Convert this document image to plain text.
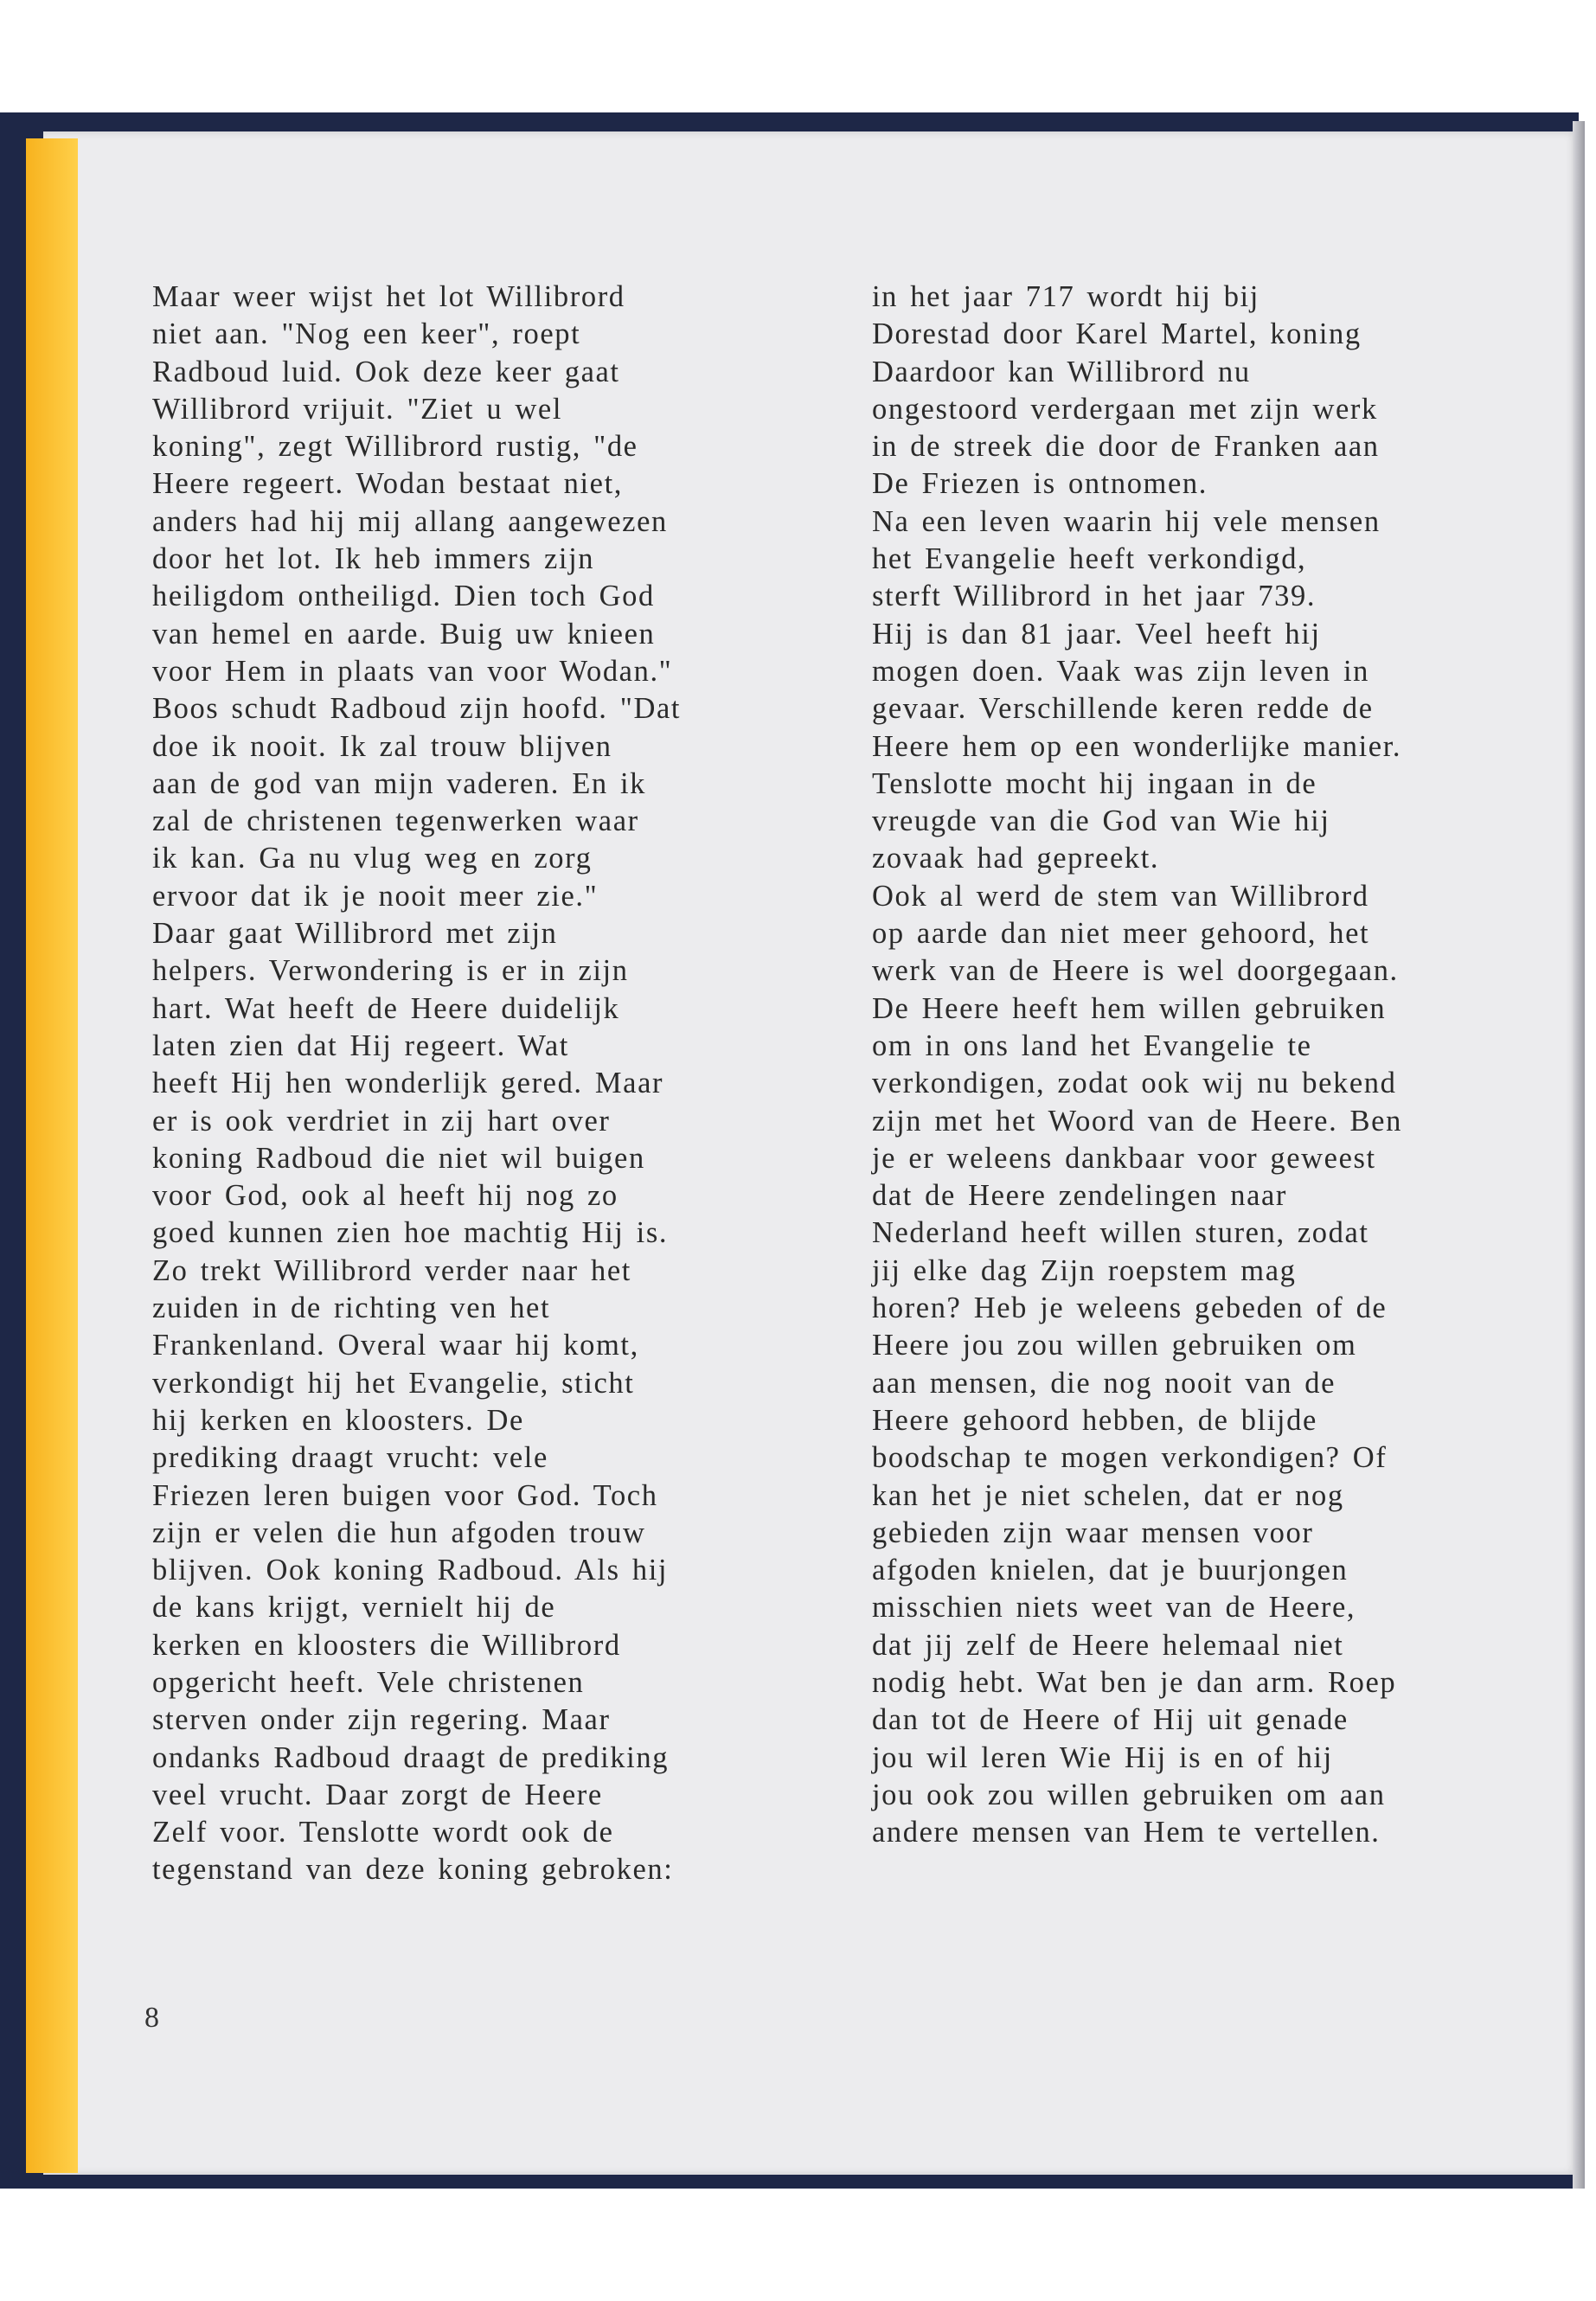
Maar weer wijst het lot Willibrord
niet aan. "Nog een keer", roept
Radboud luid. Ook deze keer gaat
Willibrord vrijuit. "Ziet u wel
koning", zegt Willibrord rustig, "de
Heere regeert. Wodan bestaat niet,
anders had hij mij allang aangewezen
door het lot. Ik heb immers zijn
heiligdom ontheiligd. Dien toch God
van hemel en aarde. Buig uw knieen
voor Hem in plaats van voor Wodan."
Boos schudt Radboud zijn hoofd. "Dat
doe ik nooit. Ik zal trouw blijven
aan de god van mijn vaderen. En ik
zal de christenen tegenwerken waar
ik kan. Ga nu vlug weg en zorg
ervoor dat ik je nooit meer zie."
Daar gaat Willibrord met zijn
helpers. Verwondering is er in zijn
hart. Wat heeft de Heere duidelijk
laten zien dat Hij regeert. Wat
heeft Hij hen wonderlijk gered. Maar
er is ook verdriet in zij hart over
koning Radboud die niet wil buigen
voor God, ook al heeft hij nog zo
goed kunnen zien hoe machtig Hij is.
Zo trekt Willibrord verder naar het
zuiden in de richting ven het
Frankenland. Overal waar hij komt,
verkondigt hij het Evangelie, sticht
hij kerken en kloosters. De
prediking draagt vrucht: vele
Friezen leren buigen voor God. Toch
zijn er velen die hun afgoden trouw
blijven. Ook koning Radboud. Als hij
de kans krijgt, vernielt hij de
kerken en kloosters die Willibrord
opgericht heeft. Vele christenen
sterven onder zijn regering. Maar
ondanks Radboud draagt de prediking
veel vrucht. Daar zorgt de Heere
Zelf voor. Tenslotte wordt ook de
tegenstand van deze koning gebroken:
in het jaar 717 wordt hij bij
Dorestad door Karel Martel, koning
Daardoor kan Willibrord nu
ongestoord verdergaan met zijn werk
in de streek die door de Franken aan
De Friezen is ontnomen.
Na een leven waarin hij vele mensen
het Evangelie heeft verkondigd,
sterft Willibrord in het jaar 739.
Hij is dan 81 jaar. Veel heeft hij
mogen doen. Vaak was zijn leven in
gevaar. Verschillende keren redde de
Heere hem op een wonderlijke manier.
Tenslotte mocht hij ingaan in de
vreugde van die God van Wie hij
zovaak had gepreekt.
Ook al werd de stem van Willibrord
op aarde dan niet meer gehoord, het
werk van de Heere is wel doorgegaan.
De Heere heeft hem willen gebruiken
om in ons land het Evangelie te
verkondigen, zodat ook wij nu bekend
zijn met het Woord van de Heere. Ben
je er weleens dankbaar voor geweest
dat de Heere zendelingen naar
Nederland heeft willen sturen, zodat
jij elke dag Zijn roepstem mag
horen? Heb je weleens gebeden of de
Heere jou zou willen gebruiken om
aan mensen, die nog nooit van de
Heere gehoord hebben, de blijde
boodschap te mogen verkondigen? Of
kan het je niet schelen, dat er nog
gebieden zijn waar mensen voor
afgoden knielen, dat je buurjongen
misschien niets weet van de Heere,
dat jij zelf de Heere helemaal niet
nodig hebt. Wat ben je dan arm. Roep
dan tot de Heere of Hij uit genade
jou wil leren Wie Hij is en of hij
jou ook zou willen gebruiken om aan
andere mensen van Hem te vertellen.
8
